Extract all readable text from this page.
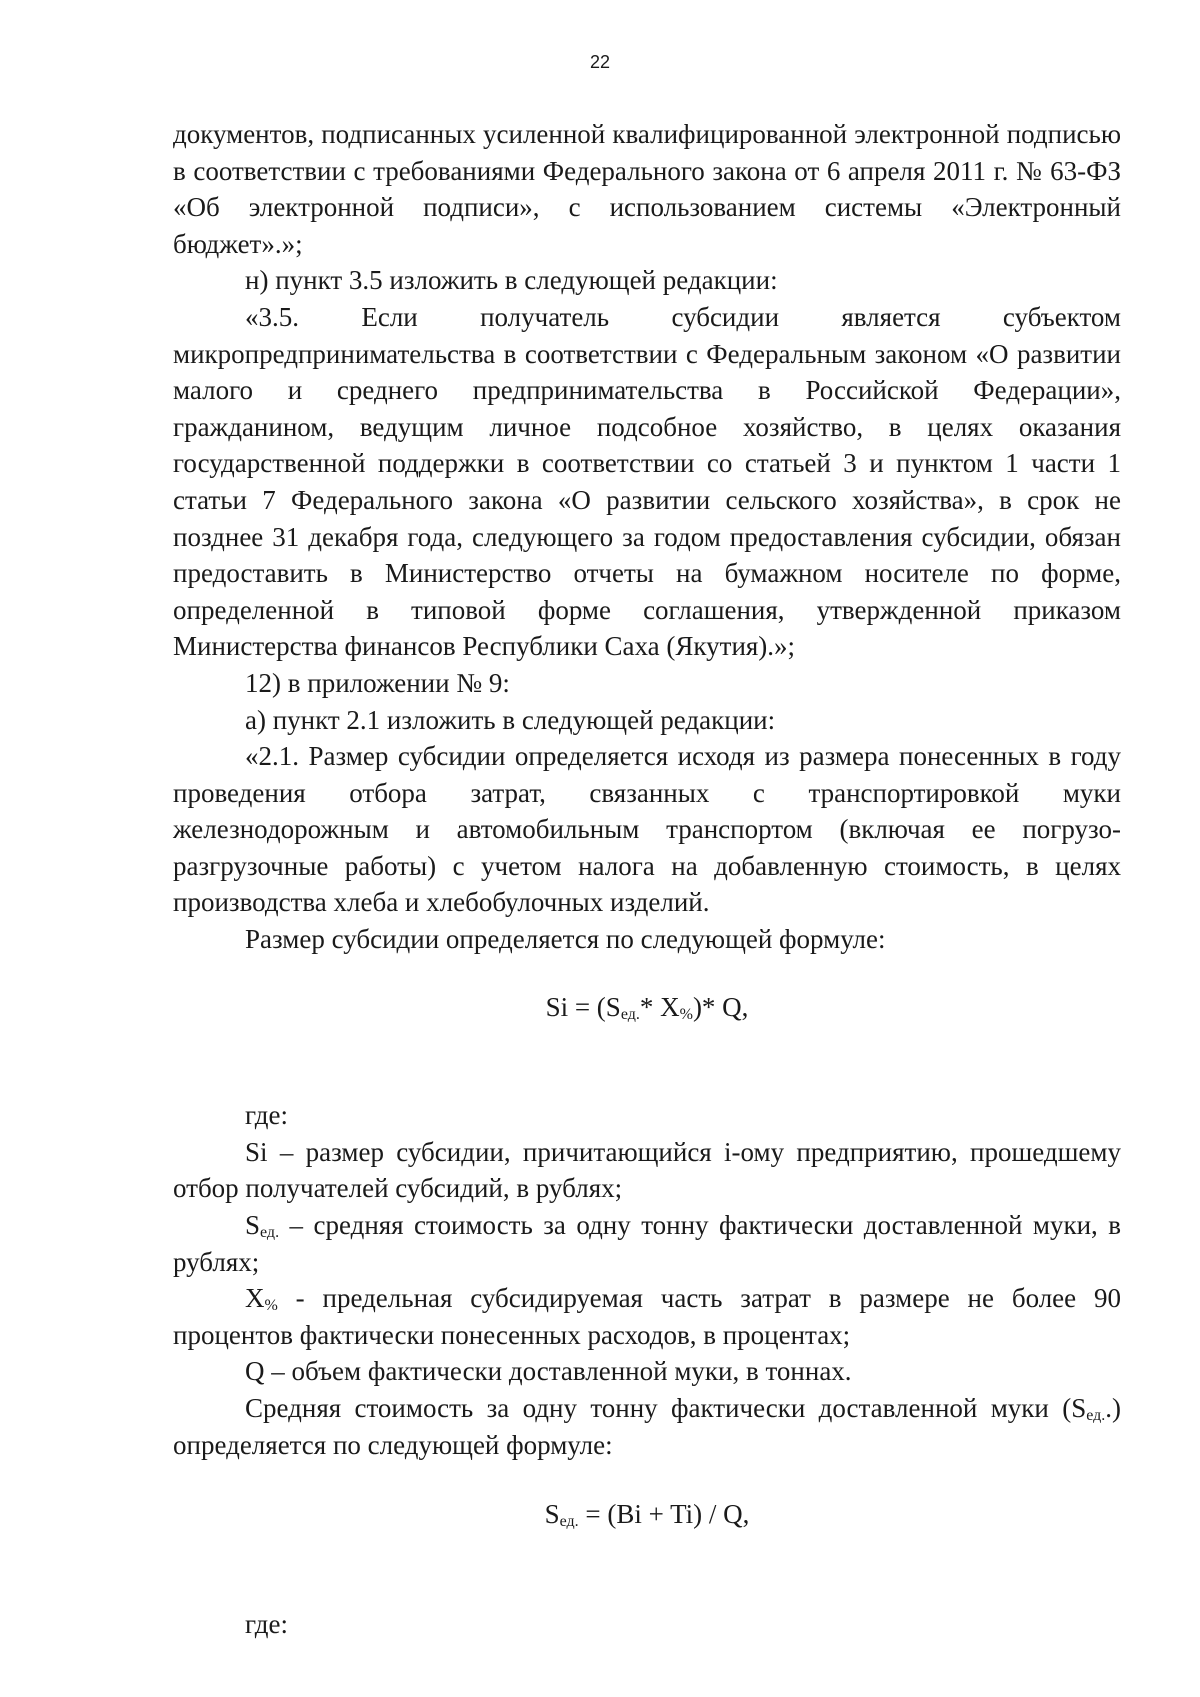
22

документов, подписанных усиленной квалифицированной электронной подписью в соответствии с требованиями Федерального закона от 6 апреля 2011 г. № 63-ФЗ «Об электронной подписи», с использованием системы «Электронный бюджет».»;

н) пункт 3.5 изложить в следующей редакции:

«3.5. Если получатель субсидии является субъектом микропредпринимательства в соответствии с Федеральным законом «О развитии малого и среднего предпринимательства в Российской Федерации», гражданином, ведущим личное подсобное хозяйство, в целях оказания государственной поддержки в соответствии со статьей 3 и пунктом 1 части 1 статьи 7 Федерального закона «О развитии сельского хозяйства», в срок не позднее 31 декабря года, следующего за годом предоставления субсидии, обязан предоставить в Министерство отчеты на бумажном носителе по форме, определенной в типовой форме соглашения, утвержденной приказом Министерства финансов Республики Саха (Якутия).»;

12) в приложении № 9:

а) пункт 2.1 изложить в следующей редакции:

«2.1. Размер субсидии определяется исходя из размера понесенных в году проведения отбора затрат, связанных с транспортировкой муки железнодорожным и автомобильным транспортом (включая ее погрузо-разгрузочные работы) с учетом налога на добавленную стоимость, в целях производства хлеба и хлебобулочных изделий.

Размер субсидии определяется по следующей формуле:

$Si = (S_{ед.}*$ $X_{\%})*$ Q,

где:

Si – размер субсидии, причитающийся i-ому предприятию, прошедшему отбор получателей субсидий, в рублях;

$S_{ед.}$ – средняя стоимость за одну тонну фактически доставленной муки, в рублях;

$X_{\%}$ - предельная субсидируемая часть затрат в размере не более 90 процентов фактически понесенных расходов, в процентах;

Q – объем фактически доставленной муки, в тоннах.

Средняя стоимость за одну тонну фактически доставленной муки $(S_{ед.}.)$ определяется по следующей формуле:

$S_{ед.} = (Bi + Ti) / Q$,

где:
